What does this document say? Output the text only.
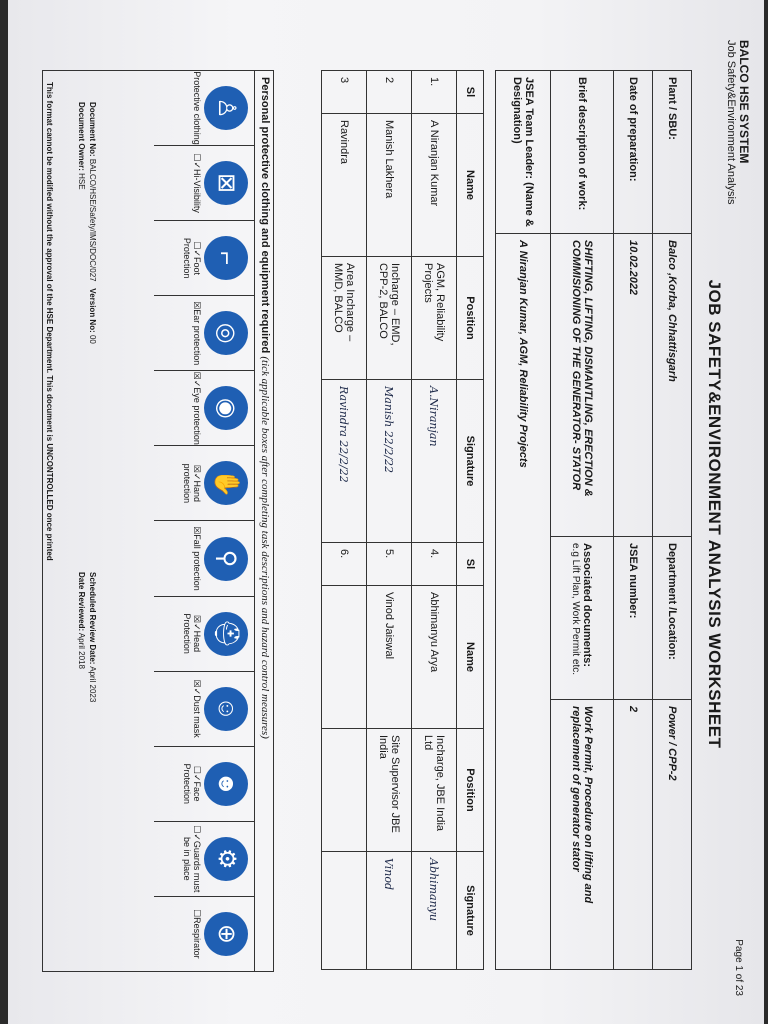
BALCO HSE SYSTEM
Job Safety&Environment Analysis
Page 1 of 23
JOB SAFETY&ENVIRONMENT ANALYSIS WORKSHEET
Plant / SBU:	Balco ,Korba, Chhattisgarh	Department /Location:	Power / CPP-2
Date of preparation:	10.02.2022	JSEA number:	2
Brief description of work:	SHIFTING, LIFTING, DISMANTLING, ERECTION & COMMISIONING OF THE GENERATOR- STATOR	Associated documents:
e.g Lift Plan, Work Permit etc.	Work Permit, Procedure on lifting and replacement of generator stator
JSEA Team Leader: (Name & Designation)	A Niranjan Kumar, AGM, Reliability Projects		
Sl	Name	Position	Signature	Sl	Name	Position	Signature
1.	A Niranjan Kumar	AGM, Reliability Projects	A.Niranjan	4.	Abhimanyu Arya	Incharge, JBE India Ltd	Abhimanyu
2	Manish Lakhera	Incharge – EMD, CPP-2, BALCO	Manish 22/2/22	5.	Vinod Jaiswal	Site Supervisor JBE India	Vinod
3	Ravindra	Area Incharge – MMD, BALCO	Ravindra 22/2/22	6.			
Personal protective clothing and equipment required (tick applicable boxes after completing task descriptions and hazard control measures)
♙
Protective clothing
⊠
☐✓Hi-Visibility
⌐
☐✓Foot Protection
◎
☒Ear protection
◉
☒✓Eye protection
✋
☒✓Hand protection
⚲
☒Fall protection
⛑
☒✓Head Protection
☺
☒✓Dust mask
☻
☐✓Face Protection
⚙
☐✓Guards must be in place
⊕
☐Respirator
Document No: BALCO/HSE/Safety/IMS/DOC/027   Version No: 00
Document Owner: HSE
Scheduled Review Date: April 2023
Date Reviewed: April 2018
This format cannot be modified without the approval of the HSE Department. This document is UNCONTROLLED once printed
